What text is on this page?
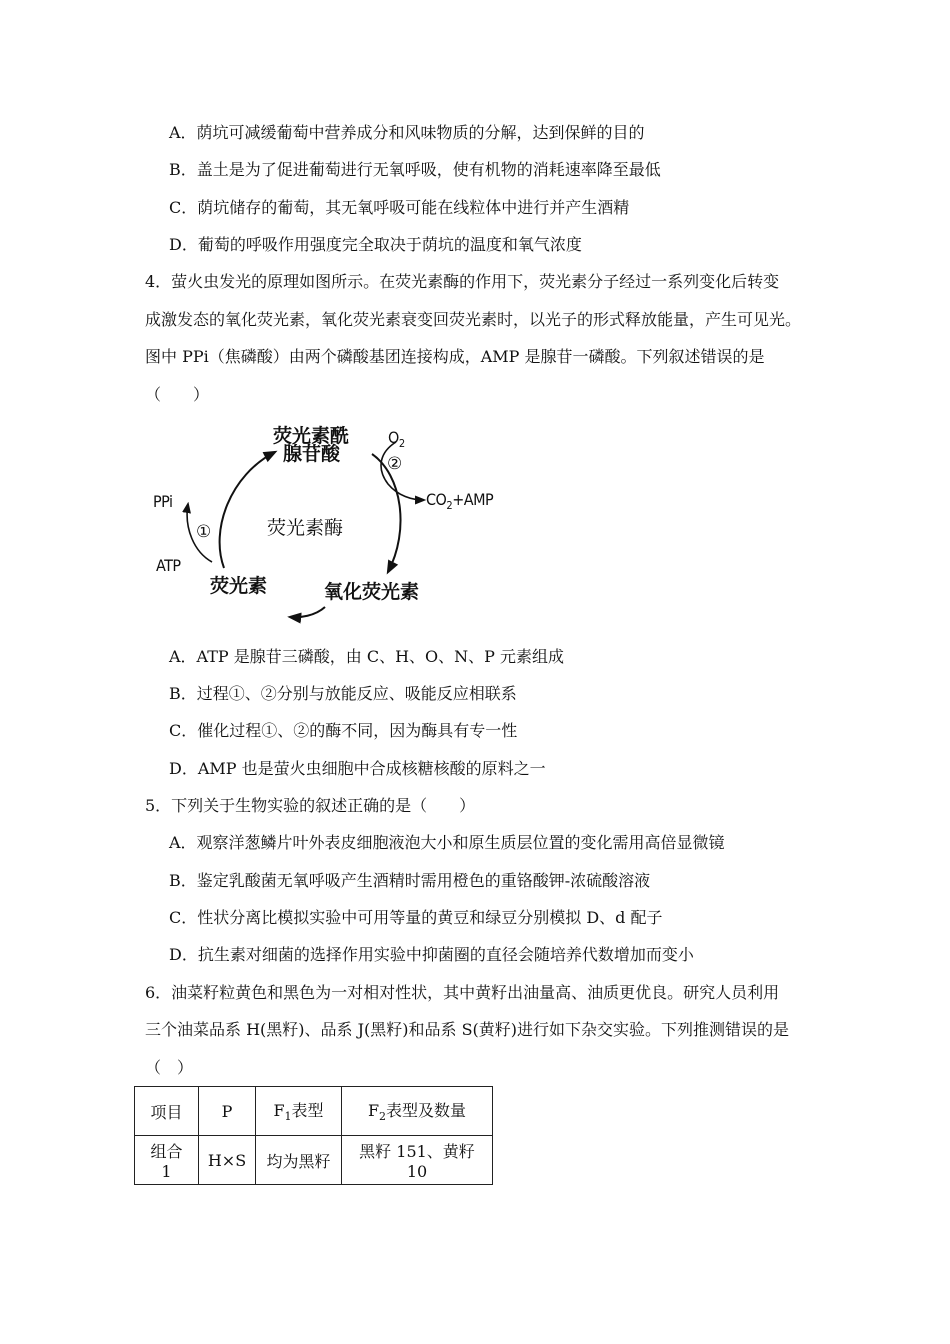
A．荫坑可减缓葡萄中营养成分和风味物质的分解，达到保鲜的目的
B．盖土是为了促进葡萄进行无氧呼吸，使有机物的消耗速率降至最低
C．荫坑储存的葡萄，其无氧呼吸可能在线粒体中进行并产生酒精
D．葡萄的呼吸作用强度完全取决于荫坑的温度和氧气浓度
4．萤火虫发光的原理如图所示。在荧光素酶的作用下，荧光素分子经过一系列变化后转变
成激发态的氧化荧光素，氧化荧光素衰变回荧光素时，以光子的形式释放能量，产生可见光。
图中 PPi（焦磷酸）由两个磷酸基团连接构成，AMP 是腺苷一磷酸。下列叙述错误的是
（　　）
荧光素酰
腺苷酸
荧光素酶
荧光素	氧化荧光素
PPi
ATP
①
②
$O_2$
$CO_2+AMP$
A．ATP 是腺苷三磷酸，由 C、H、O、N、P 元素组成
B．过程①、②分别与放能反应、吸能反应相联系
C．催化过程①、②的酶不同，因为酶具有专一性
D．AMP 也是萤火虫细胞中合成核糖核酸的原料之一
5．下列关于生物实验的叙述正确的是（　　）
A．观察洋葱鳞片叶外表皮细胞液泡大小和原生质层位置的变化需用高倍显微镜
B．鉴定乳酸菌无氧呼吸产生酒精时需用橙色的重铬酸钾-浓硫酸溶液
C．性状分离比模拟实验中可用等量的黄豆和绿豆分别模拟 D、d 配子
D．抗生素对细菌的选择作用实验中抑菌圈的直径会随培养代数增加而变小
6．油菜籽粒黄色和黑色为一对相对性状，其中黄籽出油量高、油质更优良。研究人员利用
三个油菜品系 H(黑籽)、品系 J(黑籽)和品系 S(黄籽)进行如下杂交实验。下列推测错误的是
（　）
项目	P	$F_1$表型	$F_2$表型及数量
组合 1	H×S	均为黑籽	黑籽 151、黄籽 10
